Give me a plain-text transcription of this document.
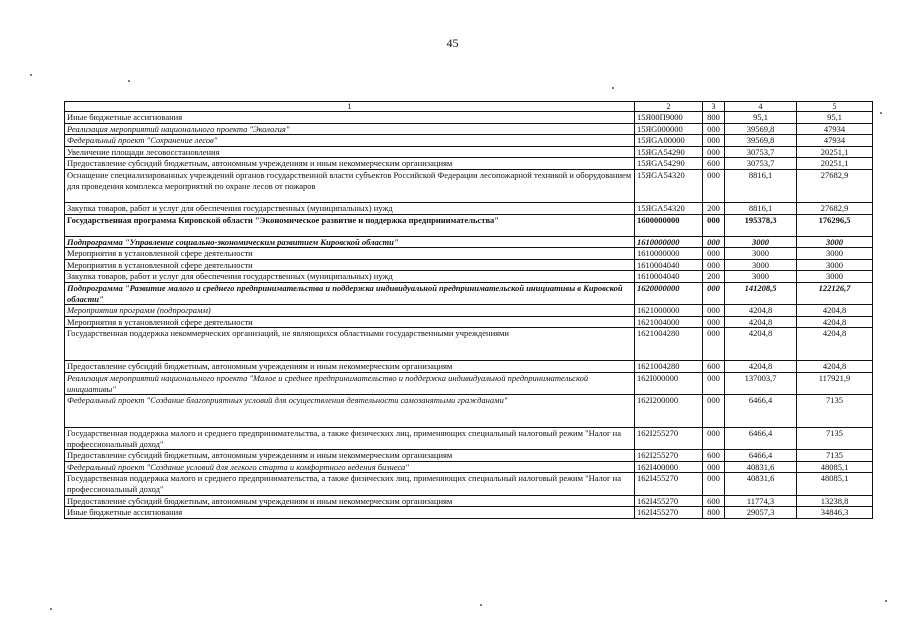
45
1	2	3	4	5
Иные бюджетные ассигнования	15Я00П9000	800	95,1	95,1
Реализация мероприятий национального проекта "Экология"	15ЯG000000	000	39569,8	47934
Федеральный проект "Сохранение лесов"	15ЯGA00000	000	39569,8	47934
Увеличение площади лесовосстановления	15ЯGA54290	000	30753,7	20251,1
Предоставление субсидий бюджетным, автономным учреждениям и иным некоммерческим организациям	15ЯGA54290	600	30753,7	20251,1
Оснащение специализированных учреждений органов государственной власти субъектов Российской Федерации лесопожарной техникой и оборудованием для проведения комплекса мероприятий по охране лесов от пожаров	15ЯGA54320	000	8816,1	27682,9
Закупка товаров, работ и услуг для обеспечения государственных (муниципальных) нужд	15ЯGA54320	200	8816,1	27682,9
Государственная программа Кировской области "Экономическое развитие и поддержка предпринимательства"	1600000000	000	195378,3	176296,5
Подпрограмма "Управление социально-экономическим развитием Кировской области"	1610000000	000	3000	3000
Мероприятия в установленной сфере деятельности	1610000000	000	3000	3000
Мероприятия в установленной сфере деятельности	1610004040	000	3000	3000
Закупка товаров, работ и услуг для обеспечения государственных (муниципальных) нужд	1610004040	200	3000	3000
Подпрограмма "Развитие малого и среднего предпринимательства и поддержка индивидуальной предпринимательской инициативы в Кировской области"	1620000000	000	141208,5	122126,7
Мероприятия программ (подпрограмм)	1621000000	000	4204,8	4204,8
Мероприятия в установленной сфере деятельности	1621004000	000	4204,8	4204,8
Государственная поддержка некоммерческих организаций, не являющихся областными государственными учреждениями	1621004280	000	4204,8	4204,8
Предоставление субсидий бюджетным, автономным учреждениям и иным некоммерческим организациям	1621004280	600	4204,8	4204,8
Реализация мероприятий национального проекта "Малое и среднее предпринимательство и поддержка индивидуальной предпринимательской инициативы"	162I000000	000	137003,7	117921,9
Федеральный проект "Создание благоприятных условий для осуществления деятельности самозанятыми гражданами"	162I200000	000	6466,4	7135
Государственная поддержка малого и среднего предпринимательства, а также физических лиц, применяющих специальный налоговый режим "Налог на профессиональный доход"	162I255270	000	6466,4	7135
Предоставление субсидий бюджетным, автономным учреждениям и иным некоммерческим организациям	162I255270	600	6466,4	7135
Федеральный проект "Создание условий для легкого старта и комфортного ведения бизнеса"	162I400000	000	40831,6	48085,1
Государственная поддержка малого и среднего предпринимательства, а также физических лиц, применяющих специальный налоговый режим "Налог на профессиональный доход"	162I455270	000	40831,6	48085,1
Предоставление субсидий бюджетным, автономным учреждениям и иным некоммерческим организациям	162I455270	600	11774,3	13238,8
Иные бюджетные ассигнования	162I455270	800	29057,3	34846,3
